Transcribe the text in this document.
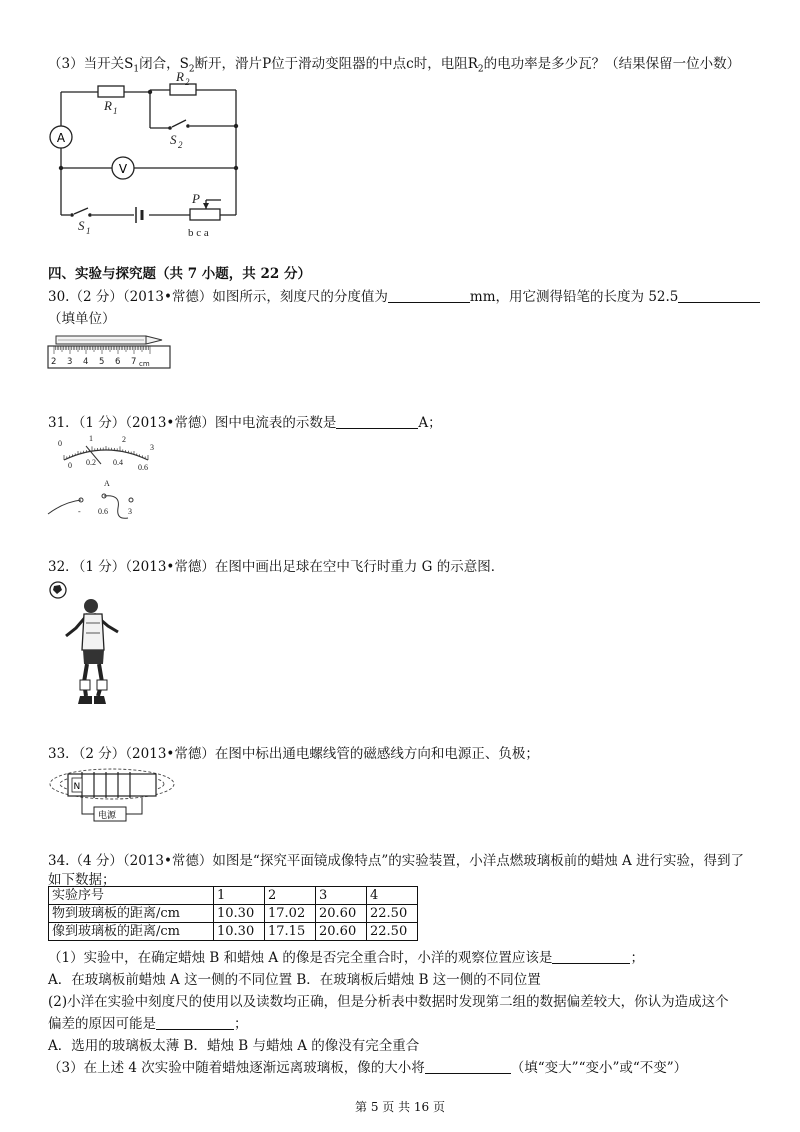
（3）当开关$S_1$闭合，$S_2$断开，滑片P位于滑动变阻器的中点c时，电阻$R_2$的电功率是多少瓦？（结果保留一位小数）
A
V
R 1
R 2
S 2
S 1
P
b c a
四、实验与探究题（共 7 小题，共 22 分）
30.（2 分）（2013•常德）如图所示，刻度尺的分度值为	mm，用它测得铅笔的长度为 52.5
（填单位）
2 3 4 5 6 7 cm
31．（1 分）（2013•常德）图中电流表的示数是	A；
0
1	2
3
0 0.2 0.4
0.6
A
- 0.6	3
32．（1 分）（2013•常德）在图中画出足球在空中飞行时重力 G 的示意图．
33．（2 分）（2013•常德）在图中标出通电螺线管的磁感线方向和电源正、负极；
N
电源
34.（4 分）（2013•常德）如图是“探究平面镜成像特点”的实验装置，小洋点燃玻璃板前的蜡烛 A 进行实验，得到了
如下数据；
实验序号	1	2	3	4
物到玻璃板的距离/cm	10.30	17.02	20.60	22.50
像到玻璃板的距离/cm	10.30	17.15	20.60	22.50
（1）实验中，在确定蜡烛 B 和蜡烛 A 的像是否完全重合时，小洋的观察位置应该是	；
A．在玻璃板前蜡烛 A 这一侧的不同位置 B．在玻璃板后蜡烛 B 这一侧的不同位置
(2)小洋在实验中刻度尺的使用以及读数均正确，但是分析表中数据时发现第二组的数据偏差较大，你认为造成这个
偏差的原因可能是	；
A．选用的玻璃板太薄 B．蜡烛 B 与蜡烛 A 的像没有完全重合
（3）在上述 4 次实验中随着蜡烛逐渐远离玻璃板，像的大小将	（填“变大”“变小”或“不变”）
第 5 页 共 16 页
